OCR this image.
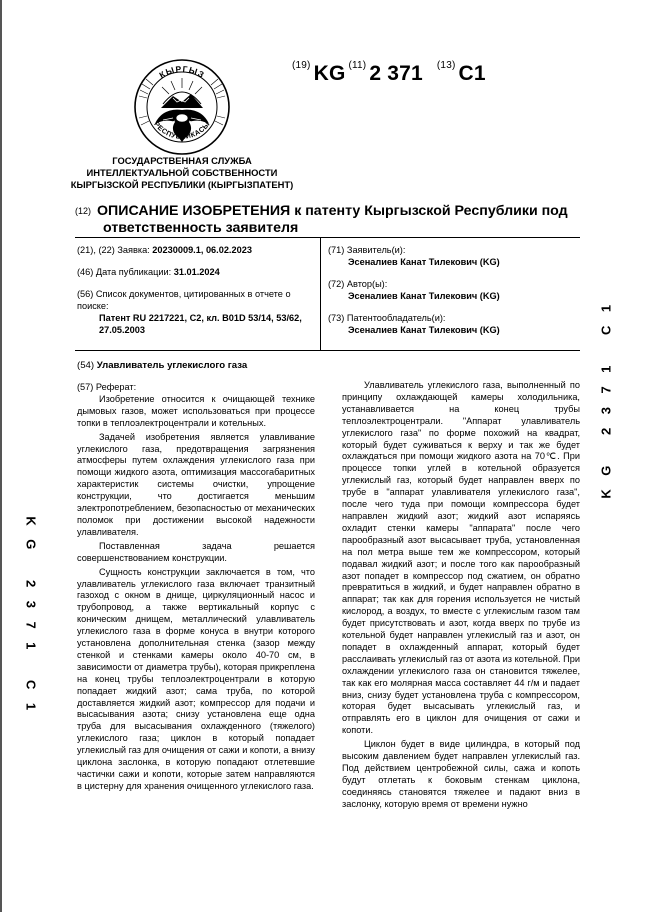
КЫРГЫЗ
РЕСПУБЛИКАСЫ
$^{(19)}$ KG $^{(11)}$ 2 371 $^{(13)}$ C1
ГОСУДАРСТВЕННАЯ СЛУЖБА
ИНТЕЛЛЕКТУАЛЬНОЙ СОБСТВЕННОСТИ
КЫРГЫЗСКОЙ РЕСПУБЛИКИ (КЫРГЫЗПАТЕНТ)
$^{(12)}$ ОПИСАНИЕ ИЗОБРЕТЕНИЯ к патенту Кыргызской Республики под
ответственность заявителя
(21), (22) Заявка: 20230009.1, 06.02.2023
(46) Дата публикации: 31.01.2024
(56) Список документов, цитированных в отчете о поиске:
Патент RU 2217221, C2, кл. B01D 53/14, 53/62, 27.05.2003
(71) Заявитель(и):
Эсеналиев Канат Тилекович (KG)
(72) Автор(ы):
Эсеналиев Канат Тилекович (KG)
(73) Патентообладатель(и):
Эсеналиев Канат Тилекович (KG)
(54) Улавливатель углекислого газа

(57) Реферат:

Изобретение относится к очищающей технике дымовых газов, может использоваться при процессе топки в теплоэлектроцентрали и котельных.

Задачей изобретения является улавливание углекислого газа, предотвращения загрязнения атмосферы путем охлаждения углекислого газа при помощи жидкого азота, оптимизация массогабаритных характеристик системы очистки, упрощение конструкции, что достигается меньшим электропотреблением, безопасностью от механических поломок при достижении высокой надежности улавливателя.

Поставленная задача решается совершенствованием конструкции.

Сущность конструкции заключается в том, что улавливатель углекислого газа включает транзитный газоход с окном в днище, циркуляционный насос и трубопровод, а также вертикальный корпус с коническим днищем, металлический улавливатель углекислого газа в форме конуса в внутри которого установлена дополнительная стенка (зазор между стенкой и стенками камеры около 40-70 см, в зависимости от диаметра трубы), которая прикреплена на конец трубы теплоэлектроцентрали в которую попадает жидкий азот; сама труба, по которой доставляется жидкий азот; компрессор для подачи и высасывания азота; снизу установлена еще одна труба для высасывания охлажденного (тяжелого) углекислого газа; циклон в который попадает углекислый газ для очищения от сажи и копоти, а внизу циклона заслонка, в которую попадают отлетевшие частички сажи и копоти, которые затем направляются в цистерну для хранения очищенного углекислого газа.

Улавливатель углекислого газа, выполненный по принципу охлаждающей камеры холодильника, устанавливается на конец трубы теплоэлектроцентрали. "Аппарат улавливатель углекислого газа" по форме похожий на квадрат, который будет суживаться к верху и так же будет охлаждаться при помощи жидкого азота на 70℃. При процессе топки углей в котельной образуется углекислый газ, который будет направлен вверх по трубе в "аппарат улавливателя углекислого газа", после чего туда при помощи компрессора будет направлен жидкий азот; жидкий азот испаряясь охладит стенки камеры "аппарата" после чего парообразный азот высасывает труба, установленная на пол метра выше тем же компрессором, который подавал жидкий азот; и после того как парообразный азот попадет в компрессор под сжатием, он обратно превратиться в жидкий, и будет направлен обратно в аппарат; так как для горения используется не чистый кислород, а воздух, то вместе с углекислым газом там будет присутствовать и азот, когда вверх по трубе из котельной будет направлен углекислый газ и азот, он попадет в охлажденный аппарат, который будет расслаивать углекислый газ от азота из котельной. При охлаждении углекислого газа он становится тяжелее, так как его молярная масса составляет 44 г/м и падает вниз, снизу будет установлена труба с компрессором, которая будет высасывать углекислый газ, и отправлять его в циклон для очищения от сажи и копоти.

Циклон будет в виде цилиндра, в который под высоким давлением будет направлен углекислый газ. Под действием центробежной силы, сажа и копоть будут отлетать к боковым стенкам циклона, соединяясь становятся тяжелее и падают вниз в заслонку, которую время от времени нужно

KG 2371 C1
KG 2371 C1
